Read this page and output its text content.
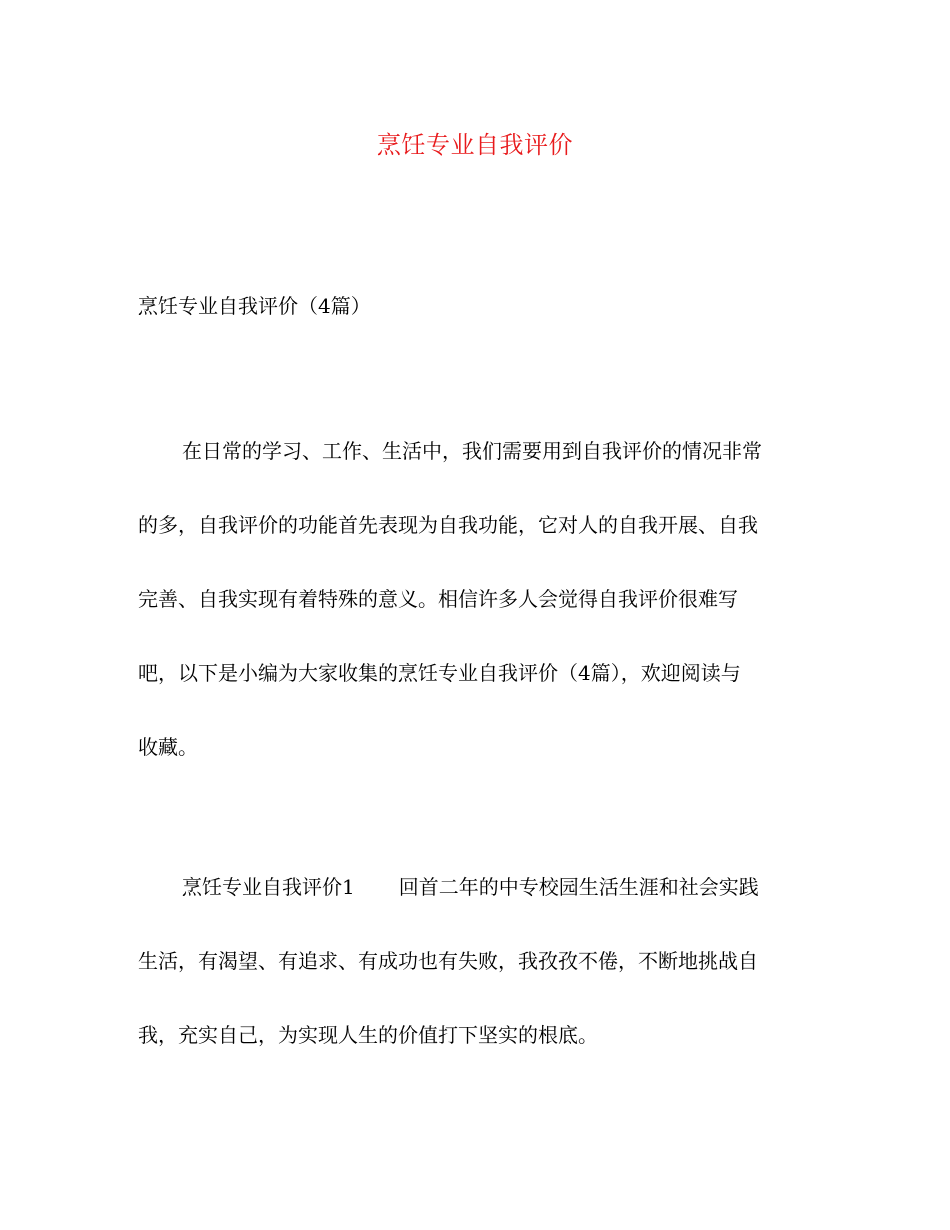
烹饪专业自我评价
烹饪专业自我评价（4篇）
在日常的学习、工作、生活中，我们需要用到自我评价的情况非常
的多，自我评价的功能首先表现为自我功能，它对人的自我开展、自我
完善、自我实现有着特殊的意义。相信许多人会觉得自我评价很难写
吧，以下是小编为大家收集的烹饪专业自我评价（4篇），欢迎阅读与
收藏。
烹饪专业自我评价1 回首二年的中专校园生活生涯和社会实践
生活，有渴望、有追求、有成功也有失败，我孜孜不倦，不断地挑战自
我，充实自己，为实现人生的价值打下坚实的根底。
